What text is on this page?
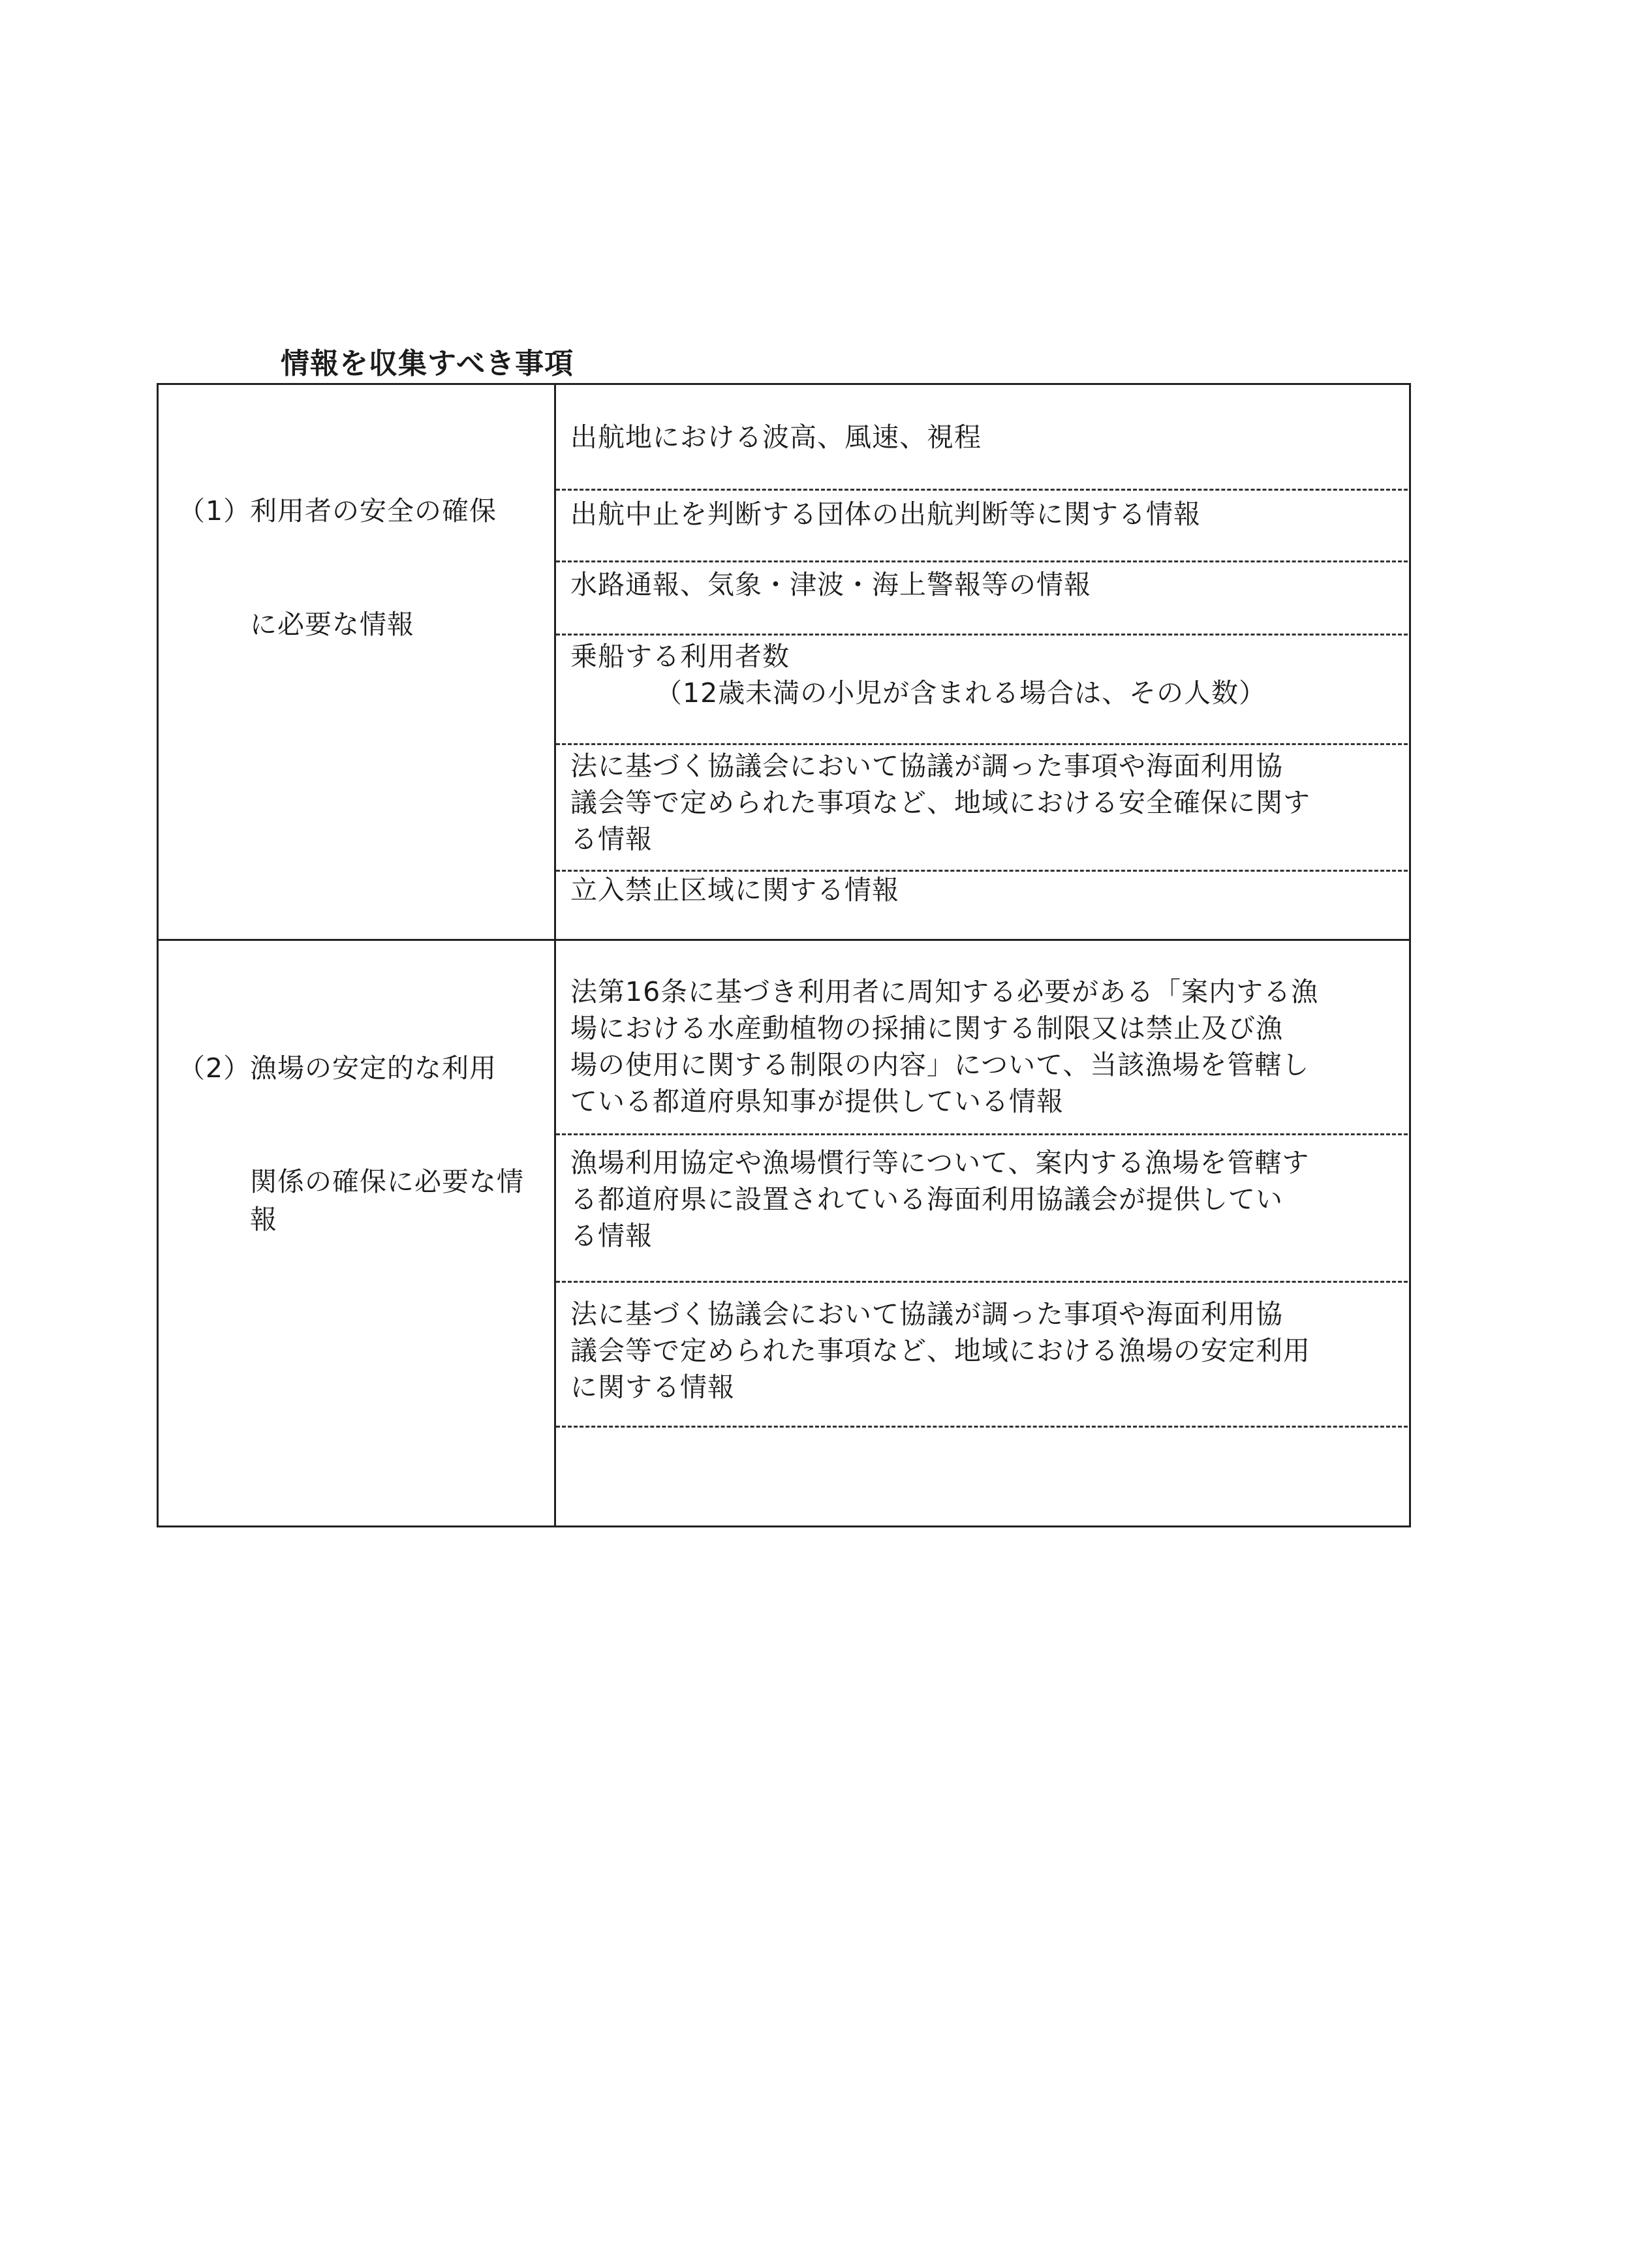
情報を収集すべき事項

（1）利用者の安全の確保

に必要な情報

出航地における波高、風速、視程
出航中止を判断する団体の出航判断等に関する情報
水路通報、気象・津波・海上警報等の情報
乗船する利用者数
（12歳未満の小児が含まれる場合は、その人数）
法に基づく協議会において協議が調った事項や海面利用協
議会等で定められた事項など、地域における安全確保に関す
る情報
立入禁止区域に関する情報

（2）漁場の安定的な利用

関係の確保に必要な情
報

法第16条に基づき利用者に周知する必要がある「案内する漁
場における水産動植物の採捕に関する制限又は禁止及び漁
場の使用に関する制限の内容」について、当該漁場を管轄し
ている都道府県知事が提供している情報
漁場利用協定や漁場慣行等について、案内する漁場を管轄す
る都道府県に設置されている海面利用協議会が提供してい
る情報
法に基づく協議会において協議が調った事項や海面利用協
議会等で定められた事項など、地域における漁場の安定利用
に関する情報
